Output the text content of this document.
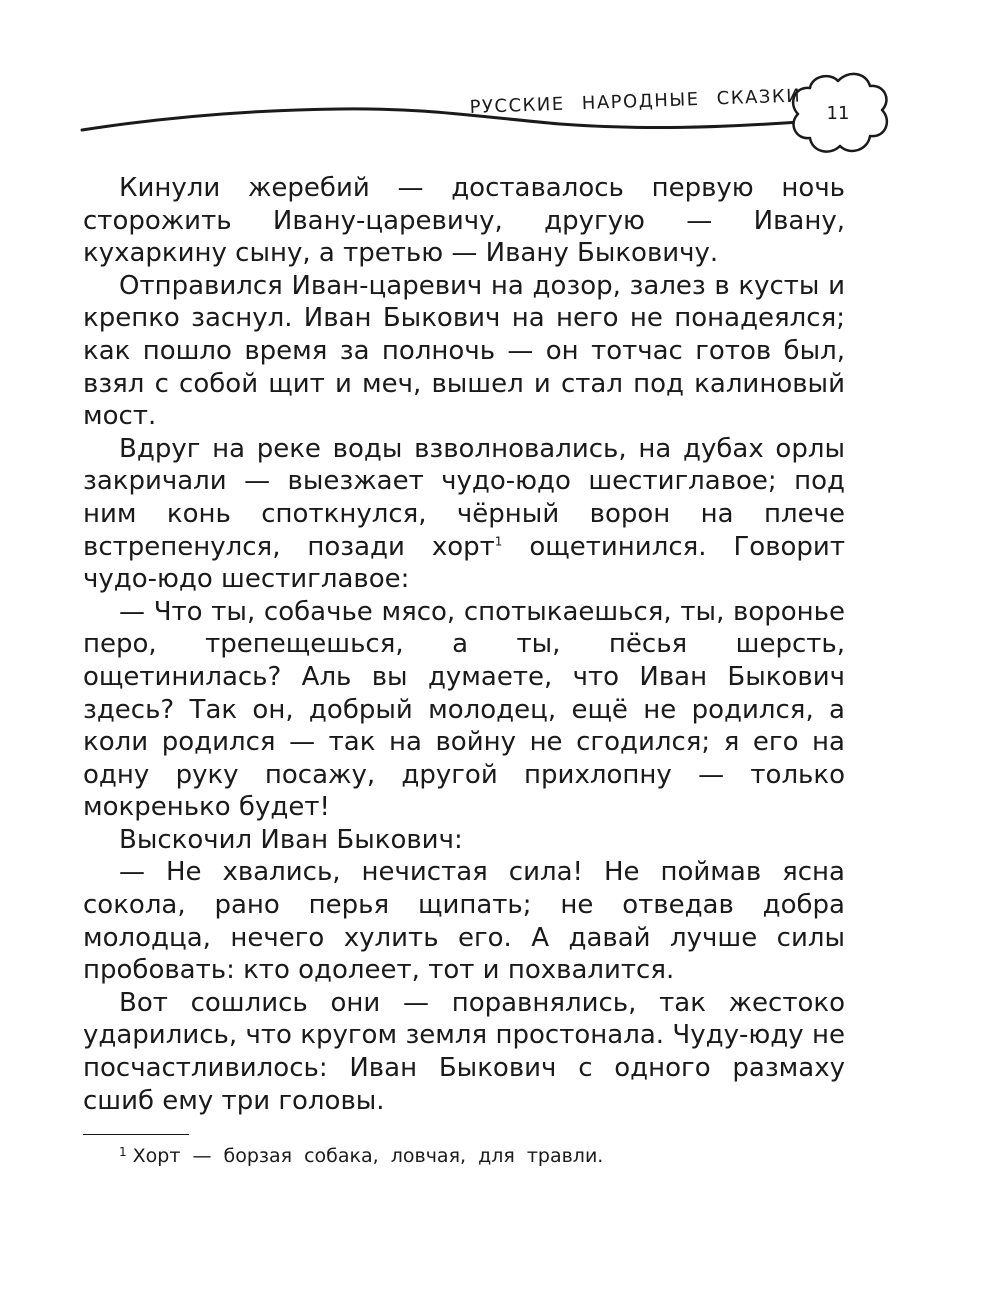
РУССКИЕ НАРОДНЫЕ СКАЗКИ	11

Кинули жеребий — доставалось первую ночь сторожить Ивану-царевичу, другую — Ивану, кухаркину сыну, а третью — Ивану Быковичу.

Отправился Иван-царевич на дозор, залез в кусты и крепко заснул. Иван Быкович на него не понадеялся; как пошло время за полночь — он тотчас готов был, взял с собой щит и меч, вышел и стал под калиновый мост.

Вдруг на реке воды взволновались, на дубах орлы закричали — выезжает чудо-юдо шестиглавое; под ним конь споткнулся, чёрный ворон на плече встрепенулся, позади хорт$^1$ ощетинился. Говорит чудо-юдо шестиглавое:

— Что ты, собачье мясо, спотыкаешься, ты, воронье перо, трепещешься, а ты, пёсья шерсть, ощетинилась? Аль вы думаете, что Иван Быкович здесь? Так он, добрый молодец, ещё не родился, а коли родился — так на войну не сгодился; я его на одну руку посажу, другой прихлопну — только мокренько будет!

Выскочил Иван Быкович:

— Не хвались, нечистая сила! Не поймав ясна сокола, рано перья щипать; не отведав добра молодца, нечего хулить его. А давай лучше силы пробовать: кто одолеет, тот и похвалится.

Вот сошлись они — поравнялись, так жестоко ударились, что кругом земля простонала. Чуду-юду не посчастливилось: Иван Быкович с одного размаху сшиб ему три головы.

$^1$ Хорт — борзая собака, ловчая, для травли.
